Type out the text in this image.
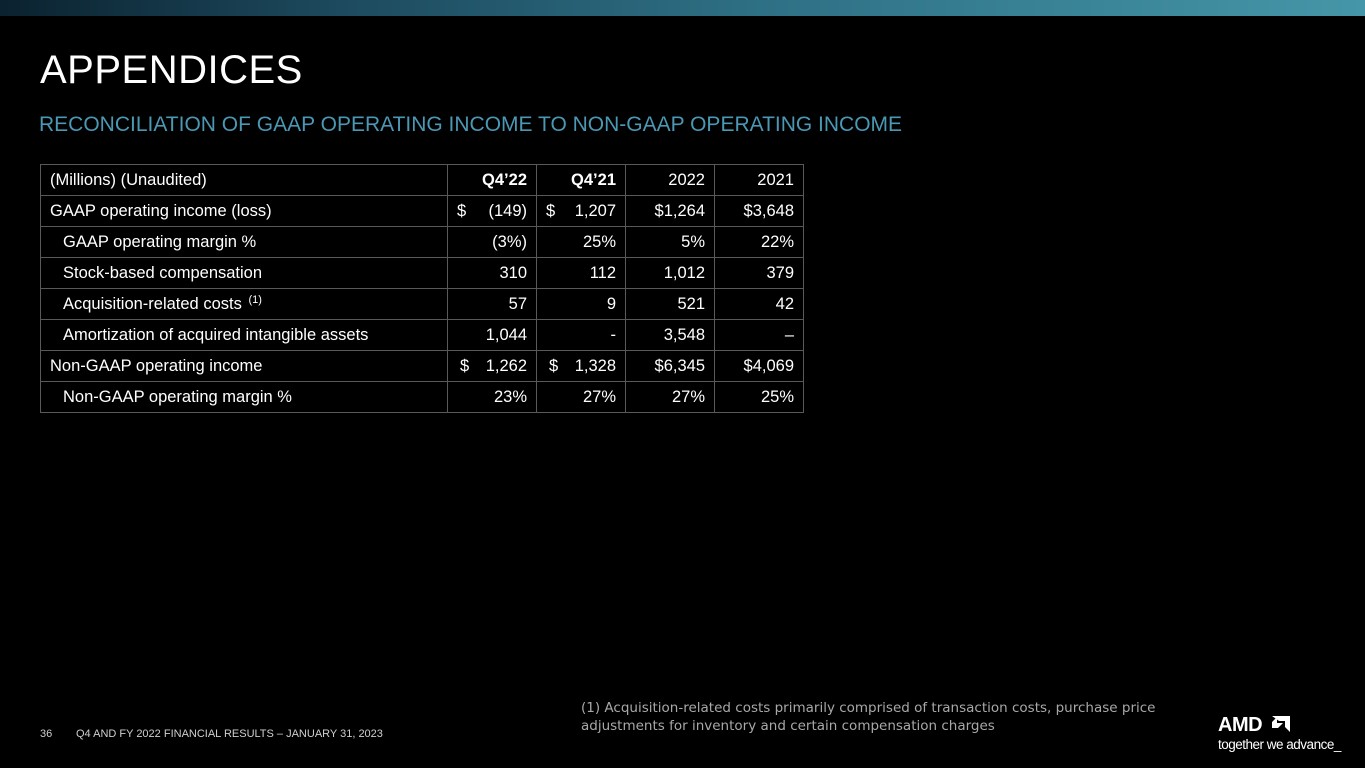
APPENDICES
RECONCILIATION OF GAAP OPERATING INCOME TO NON-GAAP OPERATING INCOME
(Millions) (Unaudited)	Q4’22	Q4’21	2022	2021
GAAP operating income (loss)	$ (149)	$ 1,207	$1,264	$3,648
GAAP operating margin %	(3%)	25%	5%	22%
Stock-based compensation	310	112	1,012	379
Acquisition-related costs $^{(1)}$	57	9	521	42
Amortization of acquired intangible assets	1,044	-	3,548	–
Non-GAAP operating income	$ 1,262	$ 1,328	$6,345	$4,069
Non-GAAP operating margin %	23%	27%	27%	25%
(1) Acquisition-related costs primarily comprised of transaction costs, purchase price
adjustments for inventory and certain compensation charges
36 Q4 AND FY 2022 FINANCIAL RESULTS – JANUARY 31, 2023	AMD
together we advance_
